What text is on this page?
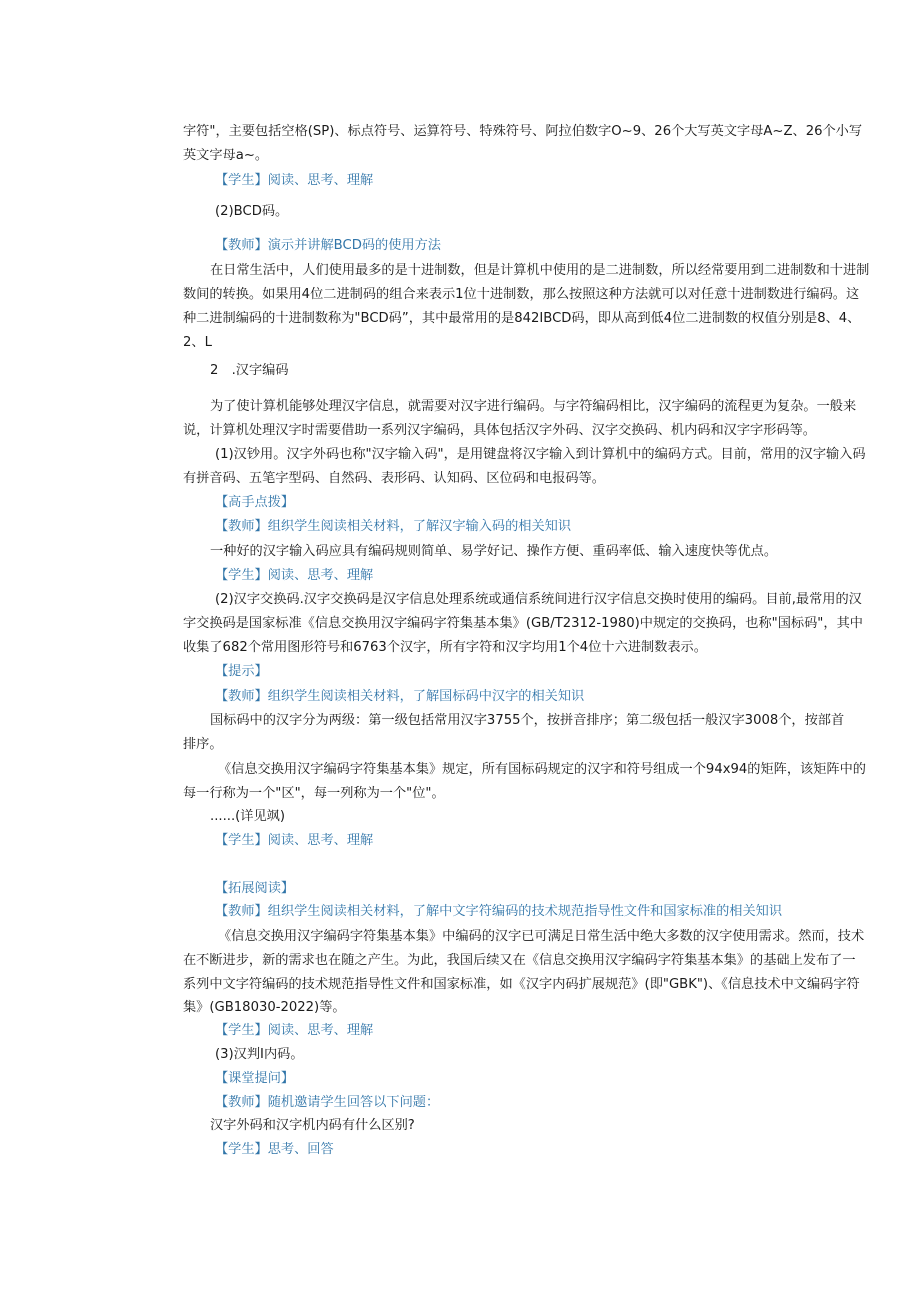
字符"，主要包括空格(SP)、标点符号、运算符号、特殊符号、阿拉伯数字O~9、26个大写英文字母A~Z、26个小写
英文字母a~。
【学生】阅读、思考、理解
(2)BCD码。
【教师】演示并讲解BCD码的使用方法
在日常生活中，人们使用最多的是十进制数，但是计算机中使用的是二进制数，所以经常要用到二进制数和十进制
数间的转换。如果用4位二进制码的组合来表示1位十进制数，那么按照这种方法就可以对任意十进制数进行编码。这
种二进制编码的十进制数称为"BCD码”，其中最常用的是842IBCD码，即从高到低4位二进制数的权值分别是8、4、
2、L
2　.汉字编码
为了使计算机能够处理汉字信息，就需要对汉字进行编码。与字符编码相比，汉字编码的流程更为复杂。一般来
说，计算机处理汉字时需要借助一系列汉字编码，具体包括汉字外码、汉字交换码、机内码和汉字字形码等。
(1)汉钞用。汉字外码也称"汉字输入码"，是用键盘将汉字输入到计算机中的编码方式。目前，常用的汉字输入码
有拼音码、五笔字型码、自然码、表形码、认知码、区位码和电报码等。
【高手点拨】
【教师】组织学生阅读相关材料，了解汉字输入码的相关知识
一种好的汉字输入码应具有编码规则简单、易学好记、操作方便、重码率低、输入速度快等优点。
【学生】阅读、思考、理解
(2)汉字交换码.汉字交换码是汉字信息处理系统或通信系统间进行汉字信息交换时使用的编码。目前,最常用的汉
字交换码是国家标准《信息交换用汉字编码字符集基本集》(GB/T2312-1980)中规定的交换码，也称"国标码"，其中
收集了682个常用图形符号和6763个汉字，所有字符和汉字均用1个4位十六进制数表示。
【提示】
【教师】组织学生阅读相关材料，了解国标码中汉字的相关知识
国标码中的汉字分为两级：第一级包括常用汉字3755个，按拼音排序；第二级包括一般汉字3008个，按部首
排序。
《信息交换用汉字编码字符集基本集》规定，所有国标码规定的汉字和符号组成一个94x94的矩阵，该矩阵中的
每一行称为一个"区"，每一列称为一个"位"。
......(详见飒)
【学生】阅读、思考、理解
【拓展阅读】
【教师】组织学生阅读相关材料，了解中文字符编码的技术规范指导性文件和国家标准的相关知识
《信息交换用汉字编码字符集基本集》中编码的汉字已可满足日常生活中绝大多数的汉字使用需求。然而，技术
在不断进步，新的需求也在随之产生。为此，我国后续又在《信息交换用汉字编码字符集基本集》的基础上发布了一
系列中文字符编码的技术规范指导性文件和国家标准，如《汉字内码扩展规范》(即"GBK")、《信息技术中文编码字符
集》(GB18030-2022)等。
【学生】阅读、思考、理解
(3)汉判I内码。
【课堂提问】
【教师】随机邀请学生回答以下问题：
汉字外码和汉字机内码有什么区别?
【学生】思考、回答
